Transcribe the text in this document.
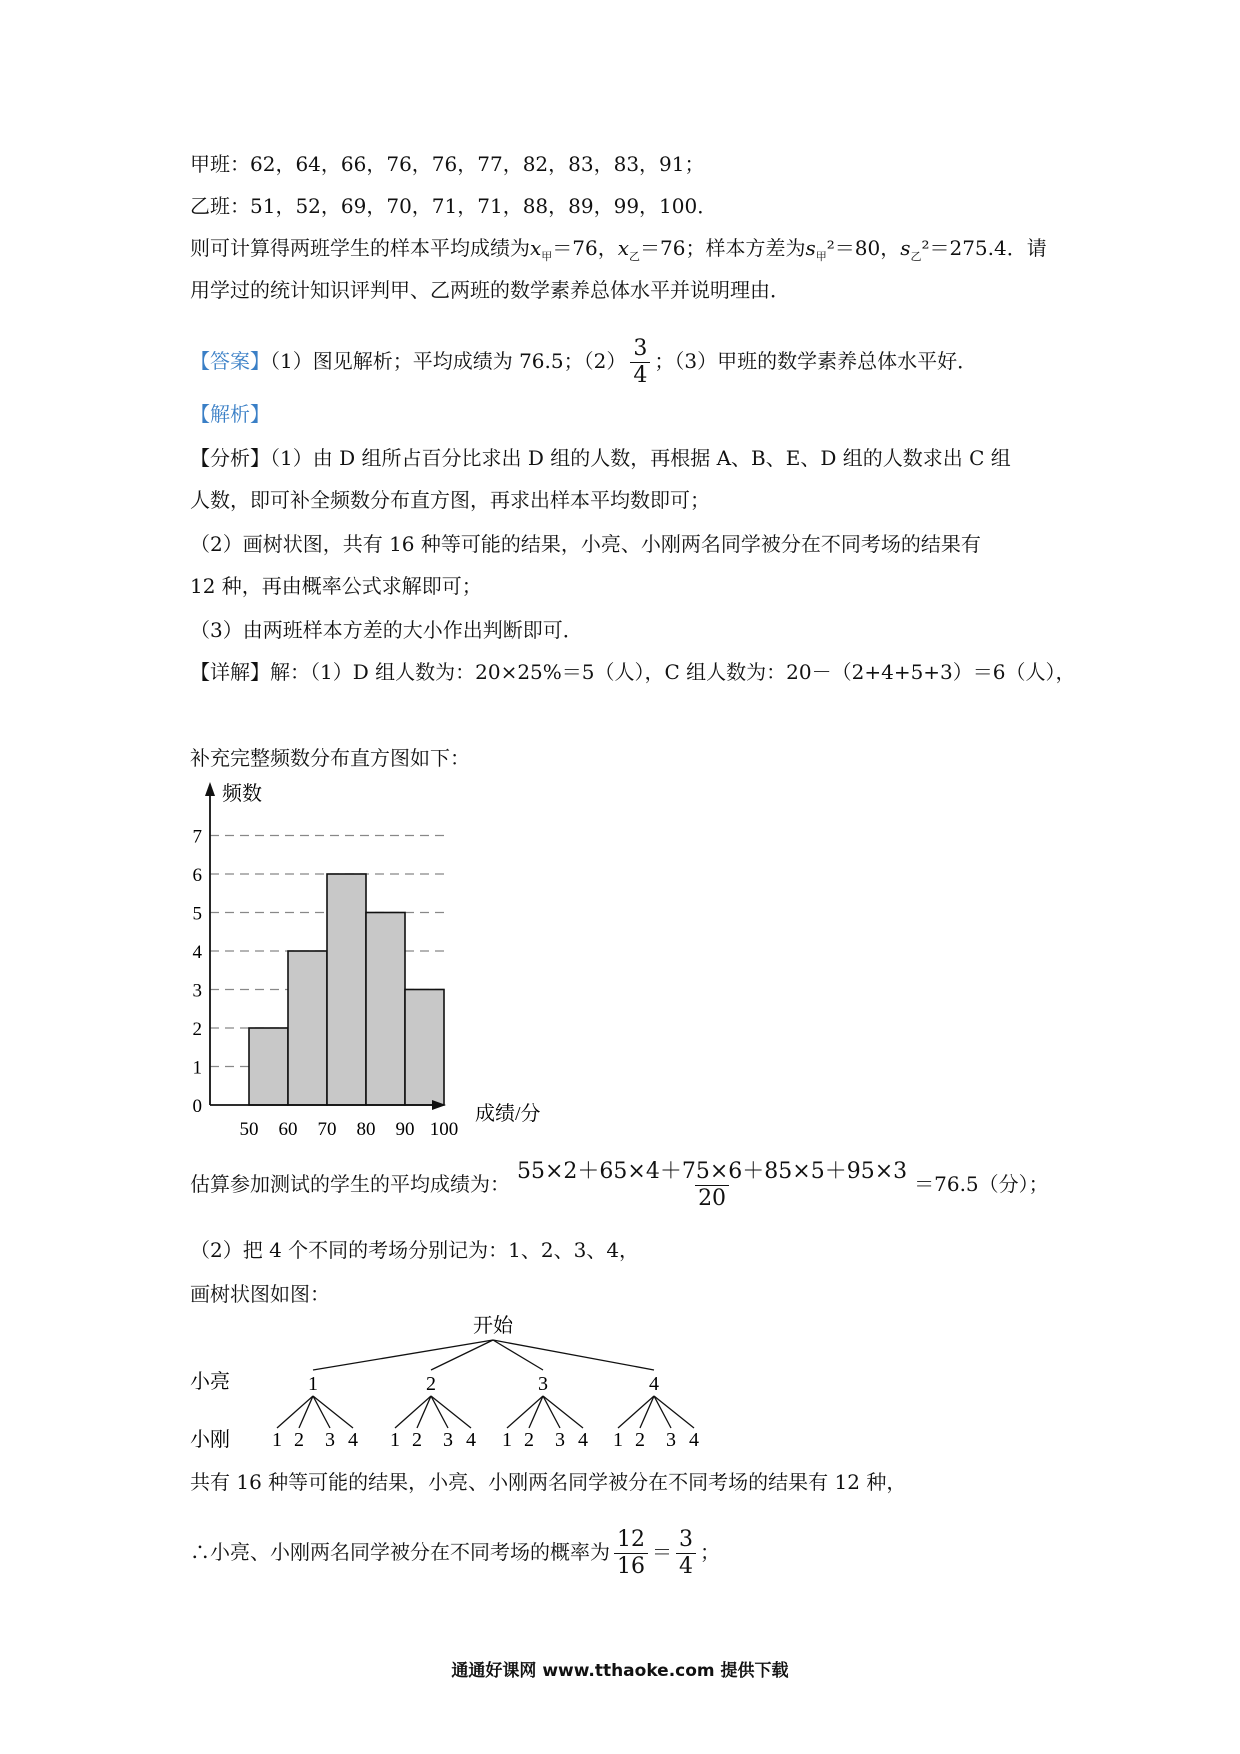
甲班：62，64，66，76，76，77，82，83，83，91；
乙班：51，52，69，70，71，71，88，89，99，100．
则可计算得两班学生的样本平均成绩为$x_甲=76$，$x_乙=76$；样本方差为$s_甲^2=80$，$s_乙^2=275.4$．请
用学过的统计知识评判甲、乙两班的数学素养总体水平并说明理由．
【答案】（1）图见解析；平均成绩为 76.5；$(2) \frac{3}{4}$ ；（3）甲班的数学素养总体水平好．
【解析】
【分析】（1）由 D 组所占百分比求出 D 组的人数，再根据 A、B、E、D 组的人数求出 C 组
人数，即可补全频数分布直方图，再求出样本平均数即可；
（2）画树状图，共有 16 种等可能的结果，小亮、小刚两名同学被分在不同考场的结果有
12 种，再由概率公式求解即可；
（3）由两班样本方差的大小作出判断即可．
【详解】解：（1）D 组人数为：20×25%＝5（人），C 组人数为：20－（2+4+5+3）＝6（人），
补充完整频数分布直方图如下：
频数
成绩/分
0
1
2
3
4
5
6
7
50 60 70 80 90 100
估算参加测试的学生的平均成绩为： $\frac{55\times 2+65\times 4+75\times 6+85\times 5+95\times 3}{20} =76.5$（分）；
（2）把 4 个不同的考场分别记为：1、2、3、4，
画树状图如图：
开始
小亮
小刚
1	2	3	4
1 2 3 4 1 2 3 4 1 2 3 4 1 2 3 4
共有 16 种等可能的结果，小亮、小刚两名同学被分在不同考场的结果有 12 种，
∴小亮、小刚两名同学被分在不同考场的概率为 $\frac{12}{16} = \frac{3}{4}$ ；
通通好课网 www.tthaoke.com 提供下载
